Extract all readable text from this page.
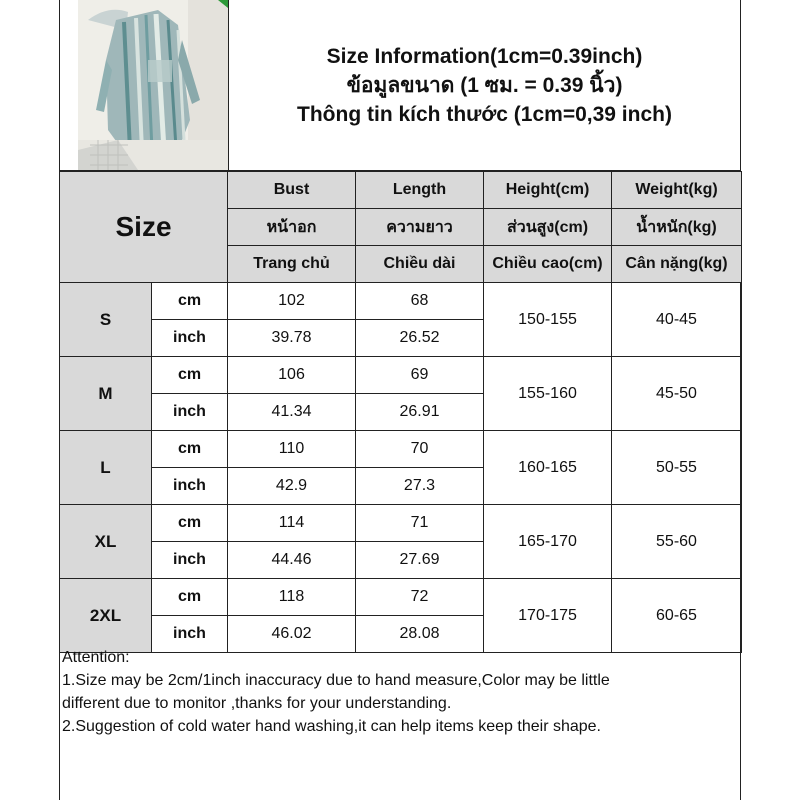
Size Information(1cm=0.39inch)
ข้อมูลขนาด (1 ซม. = 0.39 นิ้ว)
Thông tin kích thước (1cm=0,39 inch)
Size		Bust	Length	Height(cm)	Weight(kg)
		หน้าอก	ความยาว	ส่วนสูง(cm)	น้ำหนัก(kg)
		Trang chủ	Chiều dài	Chiều cao(cm)	Cân nặng(kg)
S	cm	102	68	150-155	40-45
	inch	39.78	26.52		
M	cm	106	69	155-160	45-50
	inch	41.34	26.91		
L	cm	110	70	160-165	50-55
	inch	42.9	27.3		
XL	cm	114	71	165-170	55-60
	inch	44.46	27.69		
2XL	cm	118	72	170-175	60-65
	inch	46.02	28.08		
Attention:
1.Size may be 2cm/1inch inaccuracy due to hand measure,Color may be little
different due to monitor ,thanks for your understanding.
2.Suggestion of cold water hand washing,it can help items keep their shape.
